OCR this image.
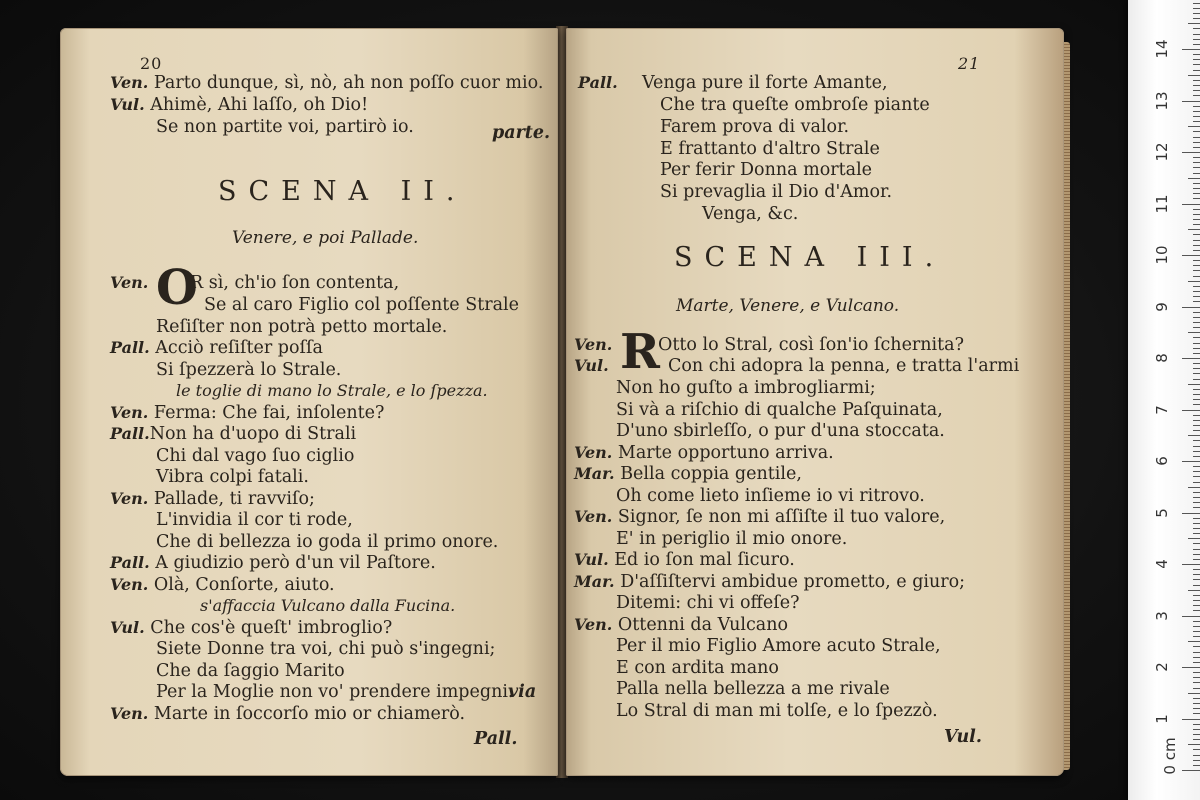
20
Ven. Parto dunque, sì, nò, ah non poſſo cuor mio.
Vul. Ahimè, Ahi laſſo, oh Dio!
Se non partite voi, partirò io.	parte.
SCENA II.
Venere, e poi Pallade.
Ven. O
R sì, ch'io ſon contenta,
Se al caro Figlio col poſſente Strale
Reſiſter non potrà petto mortale.
Pall. Acciò reſiſter poſſa
Si ſpezzerà lo Strale.
le toglie di mano lo Strale, e lo ſpezza.
Ven. Ferma: Che fai, inſolente?
Pall.Non ha d'uopo di Strali
Chi dal vago ſuo ciglio
Vibra colpi fatali.
Ven. Pallade, ti ravviſo;
L'invidia il cor ti rode,
Che di bellezza io goda il primo onore.
Pall. A giudizio però d'un vil Paſtore.
Ven. Olà, Conſorte, aiuto.
s'affaccia Vulcano dalla Fucina.
Vul. Che cos'è queſt' imbroglio?
Siete Donne tra voi, chi può s'ingegni;
Che da ſaggio Marito
Per la Moglie non vo' prendere impegni.
via
Ven. Marte in ſoccorſo mio or chiamerò.
Pall.
21
Pall. Venga pure il forte Amante,
Che tra queſte ombroſe piante
Farem prova di valor.
E frattanto d'altro Strale
Per ferir Donna mortale
Si prevaglia il Dio d'Amor.
Venga, &c.
SCENA III.
Marte, Venere, e Vulcano.
Ven. R
Otto lo Stral, così ſon'io ſchernita?
Vul.	Con chi adopra la penna, e tratta l'armi
Non ho guſto a imbrogliarmi;
Si và a riſchio di qualche Paſquinata,
D'uno sbirleſſo, o pur d'una stoccata.
Ven. Marte opportuno arriva.
Mar. Bella coppia gentile,
Oh come lieto inſieme io vi ritrovo.
Ven. Signor, ſe non mi aſſiſte il tuo valore,
E' in periglio il mio onore.
Vul. Ed io ſon mal ſicuro.
Mar. D'aſſiſtervi ambidue prometto, e giuro;
Ditemi: chi vi offeſe?
Ven. Ottenni da Vulcano
Per il mio Figlio Amore acuto Strale,
E con ardita mano
Palla nella bellezza a me rivale
Lo Stral di man mi tolſe, e lo ſpezzò.
Vul.
0 cm
1
2
3
4
5
6
7
8
9
10
11
12
13
14
